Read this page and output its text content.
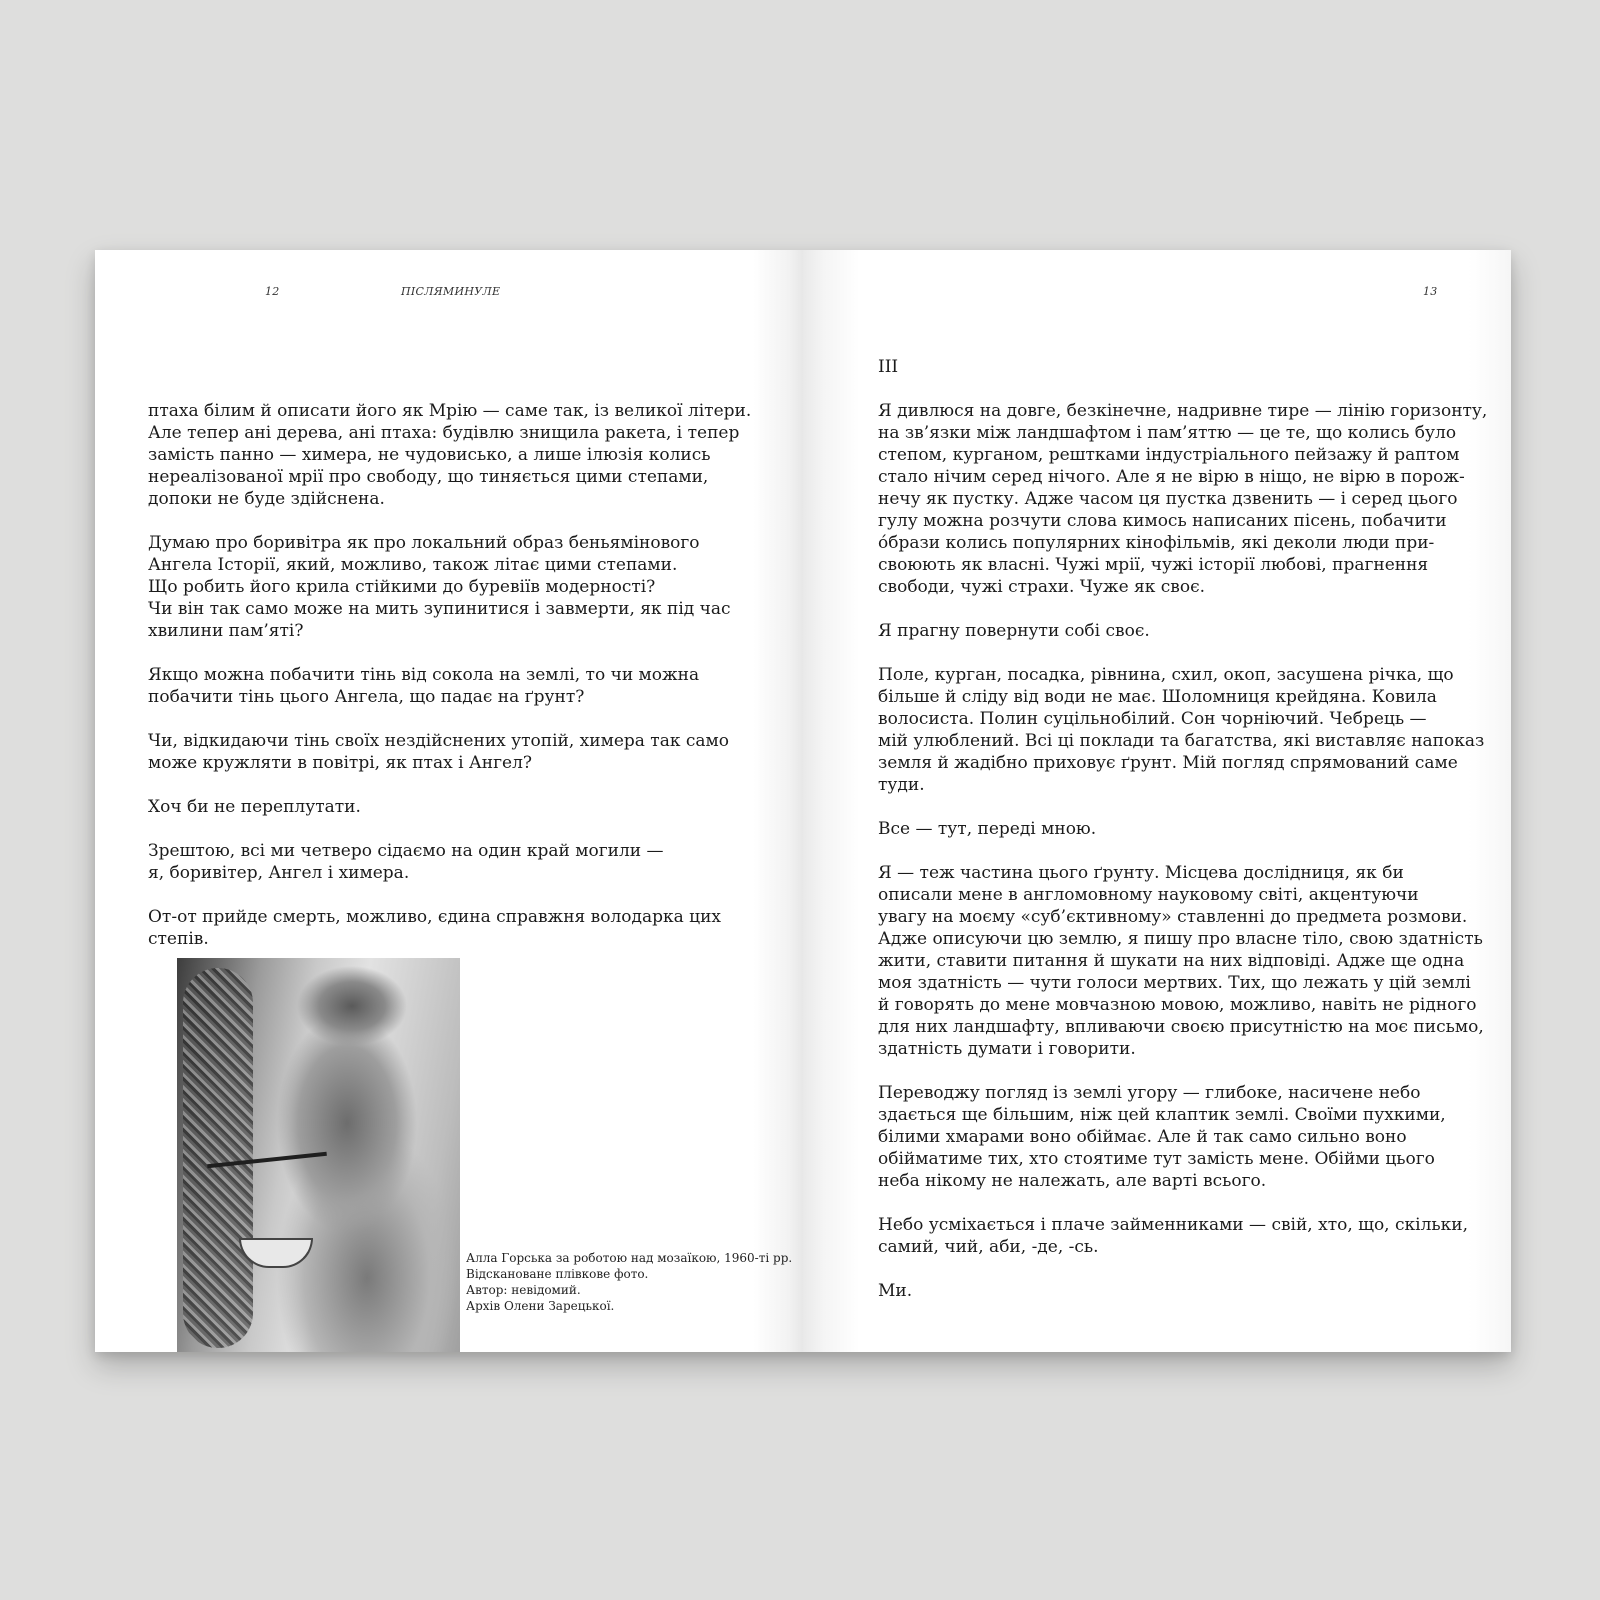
12	ПІСЛЯМИНУЛЕ

птаха білим й описати його як Мрію — саме так, із великої літери.
Але тепер ані дерева, ані птаха: будівлю знищила ракета, і тепер
замість панно — химера, не чудовисько, а лише ілюзія колись
нереалізованої мрії про свободу, що тиняється цими степами,
допоки не буде здійснена.

Думаю про боривітра як про локальний образ беньямінового
Ангела Історії, який, можливо, також літає цими степами.
Що робить його крила стійкими до буревіїв модерності?
Чи він так само може на мить зупинитися і завмерти, як під час
хвилини пам’яті?

Якщо можна побачити тінь від сокола на землі, то чи можна
побачити тінь цього Ангела, що падає на ґрунт?

Чи, відкидаючи тінь своїх нездійснених утопій, химера так само
може кружляти в повітрі, як птах і Ангел?

Хоч би не переплутати.

Зрештою, всі ми четверо сідаємо на один край могили —
я, боривітер, Ангел і химера.

От-от прийде смерть, можливо, єдина справжня володарка цих
степів.

Алла Горська за роботою над мозаїкою, 1960-ті рр.
Відскановане плівкове фото.
Автор: невідомий.
Архів Олени Зарецької.
13
III

Я дивлюся на довге, безкінечне, надривне тире — лінію горизонту,
на зв’язки між ландшафтом і пам’яттю — це те, що колись було
степом, курганом, рештками індустріального пейзажу й раптом
стало нічим серед нічого. Але я не вірю в ніщо, не вірю в порож-
нечу як пустку. Адже часом ця пустка дзвенить — і серед цього
гулу можна розчути слова кимось написаних пісень, побачити
о́брази колись популярних кінофільмів, які деколи люди при-
своюють як власні. Чужі мрії, чужі історії любові, прагнення
свободи, чужі страхи. Чуже як своє.

Я прагну повернути собі своє.

Поле, курган, посадка, рівнина, схил, окоп, засушена річка, що
більше й сліду від води не має. Шоломниця крейдяна. Ковила
волосиста. Полин суцільнобілий. Сон чорніючий. Чебрець —
мій улюблений. Всі ці поклади та багатства, які виставляє напоказ
земля й жадібно приховує ґрунт. Мій погляд спрямований саме
туди.

Все — тут, переді мною.

Я — теж частина цього ґрунту. Місцева дослідниця, як би
описали мене в англомовному науковому світі, акцентуючи
увагу на моєму «суб’єктивному» ставленні до предмета розмови.
Адже описуючи цю землю, я пишу про власне тіло, свою здатність
жити, ставити питання й шукати на них відповіді. Адже ще одна
моя здатність — чути голоси мертвих. Тих, що лежать у цій землі
й говорять до мене мовчазною мовою, можливо, навіть не рідного
для них ландшафту, впливаючи своєю присутністю на моє письмо,
здатність думати і говорити.

Переводжу погляд із землі угору — глибоке, насичене небо
здається ще більшим, ніж цей клаптик землі. Своїми пухкими,
білими хмарами воно обіймає. Але й так само сильно воно
обійматиме тих, хто стоятиме тут замість мене. Обійми цього
неба нікому не належать, але варті всього.

Небо усміхається і плаче займенниками — свій, хто, що, скільки,
самий, чий, аби, -де, -сь.

Ми.
